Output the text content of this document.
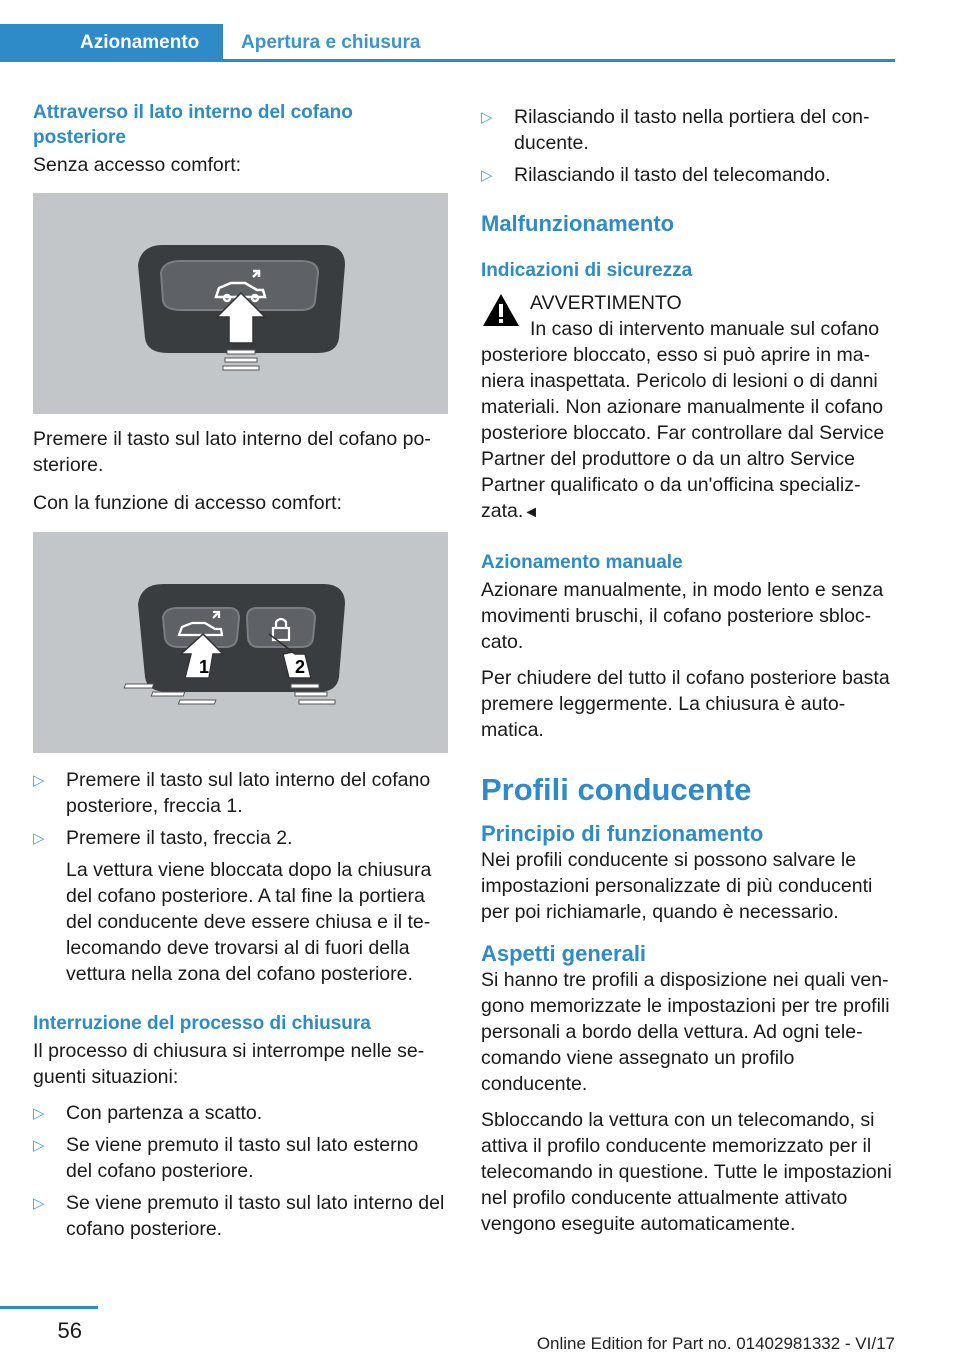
Azionamento	Apertura e chiusura
Attraverso il lato interno del cofano posteriore

Senza accesso comfort:

Premere il tasto sul lato interno del cofano posteriore.

Con la funzione di accesso comfort:

1	2
▷ Premere il tasto sul lato interno del cofano posteriore, freccia 1.
▷ Premere il tasto, freccia 2.

La vettura viene bloccata dopo la chiusura del cofano posteriore. A tal fine la portiera del conducente deve essere chiusa e il telecomando deve trovarsi al di fuori della vettura nella zona del cofano posteriore.

Interruzione del processo di chiusura

Il processo di chiusura si interrompe nelle seguenti situazioni:

▷ Con partenza a scatto.
▷ Se viene premuto il tasto sul lato esterno del cofano posteriore.
▷ Se viene premuto il tasto sul lato interno del cofano posteriore.
▷ Rilasciando il tasto nella portiera del conducente.
▷ Rilasciando il tasto del telecomando.
Malfunzionamento
Indicazioni di sicurezza

AVVERTIMENTO

In caso di intervento manuale sul cofano

posteriore bloccato, esso si può aprire in maniera inaspettata. Pericolo di lesioni o di danni materiali. Non azionare manualmente il cofano posteriore bloccato. Far controllare dal Service Partner del produttore o da un altro Service Partner qualificato o da un'officina specializzata.◄

Azionamento manuale

Azionare manualmente, in modo lento e senza movimenti bruschi, il cofano posteriore sbloccato.

Per chiudere del tutto il cofano posteriore basta premere leggermente. La chiusura è automatica.

Profili conducente
Principio di funzionamento

Nei profili conducente si possono salvare le impostazioni personalizzate di più conducenti per poi richiamarle, quando è necessario.

Aspetti generali

Si hanno tre profili a disposizione nei quali vengono memorizzate le impostazioni per tre profili personali a bordo della vettura. Ad ogni telecomando viene assegnato un profilo conducente.

Sbloccando la vettura con un telecomando, si attiva il profilo conducente memorizzato per il telecomando in questione. Tutte le impostazioni nel profilo conducente attualmente attivato vengono eseguite automaticamente.

56
Online Edition for Part no. 01402981332 - VI/17
